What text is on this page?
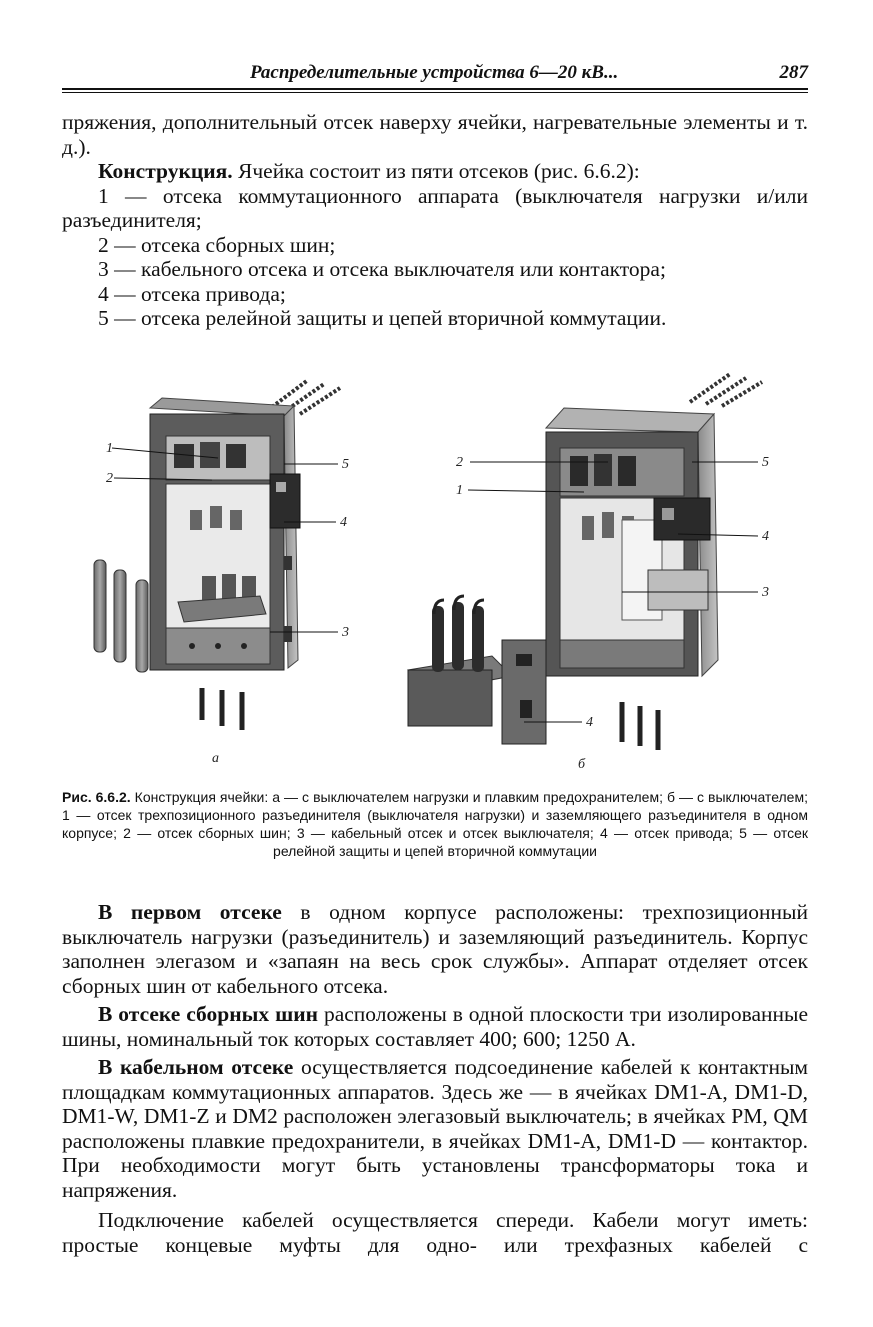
Распределительные устройства 6—20 кВ...	287

пряжения, дополнительный отсек наверху ячейки, нагревательные элементы и т. д.).

Конструкция. Ячейка состоит из пяти отсеков (рис. 6.6.2):

1 — отсека коммутационного аппарата (выключателя нагрузки и/или разъединителя;

2 — отсека сборных шин;

3 — кабельного отсека и отсека выключателя или контактора;

4 — отсека привода;

5 — отсека релейной защиты и цепей вторичной коммутации.

1
2
5
4
3
а
2
1
5
4
3
4
б

Рис. 6.6.2. Конструкция ячейки: а — с выключателем нагрузки и плавким предохранителем; б — с выключателем; 1 — отсек трехпозиционного разъединителя (выключателя нагрузки) и заземляющего разъединителя в одном корпусе; 2 — отсек сборных шин; 3 — кабельный отсек и отсек выключателя; 4 — отсек привода; 5 — отсек релейной защиты и цепей вторичной коммутации

В первом отсеке в одном корпусе расположены: трехпозиционный выключатель нагрузки (разъединитель) и заземляющий разъединитель. Корпус заполнен элегазом и «запаян на весь срок службы». Аппарат отделяет отсек сборных шин от кабельного отсека.

В отсеке сборных шин расположены в одной плоскости три изолированные шины, номинальный ток которых составляет 400; 600; 1250 А.

В кабельном отсеке осуществляется подсоединение кабелей к контактным площадкам коммутационных аппаратов. Здесь же — в ячейках DM1-A, DM1-D, DM1-W, DM1-Z и DM2 расположен элегазовый выключатель; в ячейках PM, QM расположены плавкие предохранители, в ячейках DM1-A, DM1-D — контактор. При необходимости могут быть установлены трансформаторы тока и напряжения.

Подключение кабелей осуществляется спереди. Кабели могут иметь: простые концевые муфты для одно- или трехфазных кабелей с
